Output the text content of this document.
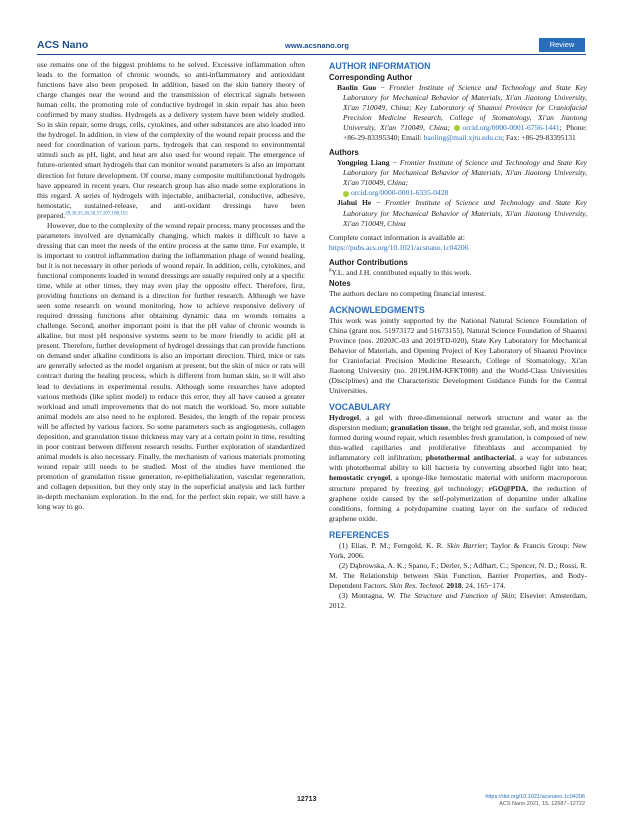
ACS Nano	www.acsnano.org	Review

use remains one of the biggest problems to be solved. Excessive inflammation often leads to the formation of chronic wounds, so anti-inflammatory and antioxidant functions have also been proposed. In addition, based on the skin battery theory of charge changes near the wound and the transmission of electrical signals between human cells, the promoting role of conductive hydrogel in skin repair has also been confirmed by many studies. Hydrogels as a delivery system have been widely studied. So in skin repair, some drugs, cells, cytokines, and other substances are also loaded into the hydrogel. In addition, in view of the complexity of the wound repair process and the need for coordination of various parts, hydrogels that can respond to environmental stimuli such as pH, light, and heat are also used for wound repair. The emergence of future-oriented smart hydrogels that can monitor wound parameters is also an important direction for future development. Of course, many composite multifunctional hydrogels have appeared in recent years. Our research group has also made some explorations in this regard. A series of hydrogels with injectable, antibacterial, conductive, adhesive, hemostatic, sustained-release, and anti-oxidant dressings have been prepared.$^{29,30,35,36,50,57,107,108,155}$

However, due to the complexity of the wound repair process, many processes and the parameters involved are dynamically changing, which makes it difficult to have a dressing that can meet the needs of the entire process at the same time. For example, it is important to control inflammation during the inflammation phage of wound healing, but it is not necessary in other periods of wound repair. In addition, cells, cytokines, and functional components loaded in wound dressings are usually required only at a specific time, while at other times, they may even play the opposite effect. Therefore, first, providing functions on demand is a direction for further research. Although we have seen some research on wound monitoring, how to achieve responsive delivery of required dressing functions after obtaining dynamic data on wounds remains a challenge. Second, another important point is that the pH value of chronic wounds is alkaline, but most pH responsive systems seem to be more friendly to acidic pH at present. Therefore, further development of hydrogel dressings that can provide functions on demand under alkaline conditions is also an important direction. Third, mice or rats are generally selected as the model organism at present, but the skin of mice or rats will contract during the healing process, which is different from human skin, so it will also lead to deviations in experimental results. Although some researches have adopted various methods (like splint model) to reduce this error, they all have caused a greater workload and small improvements that do not match the workload. So, more suitable animal models are also need to be explored. Besides, the length of the repair process will be affected by various factors. So some parameters such as angiogenesis, collagen deposition, and granulation tissue thickness may vary at a certain point in time, resulting in poor contrast between different research results. Further exploration of standardized animal models is also necessary. Finally, the mechanism of various materials promoting wound repair still needs to be studied. Most of the studies have mentioned the promotion of granulation tissue generation, re-epithelialization, vascular regeneration, and collagen deposition, but they only stay in the superficial analysis and lack further in-depth mechanism exploration. In the end, for the perfect skin repair, we still have a long way to go.

AUTHOR INFORMATION

Corresponding Author

Baolin Guo − Frontier Institute of Science and Technology and State Key Laboratory for Mechanical Behavior of Materials, Xi'an Jiaotong University, Xi'an 710049, China; Key Laboratory of Shaanxi Province for Craniofacial Precision Medicine Research, College of Stomatology, Xi'an Jiaotong University, Xi'an 710049, China; orcid.org/0000-0001-6756-1441; Phone: +86-29-83395340; Email: baoling@mail.xjtu.edu.cn; Fax: +86-29-83395131

Authors

Yongping Liang − Frontier Institute of Science and Technology and State Key Laboratory for Mechanical Behavior of Materials, Xi'an Jiaotong University, Xi'an 710049, China;
orcid.org/0000-0001-6335-0428

Jiahui He − Frontier Institute of Science and Technology and State Key Laboratory for Mechanical Behavior of Materials, Xi'an Jiaotong University, Xi'an 710049, China

Complete contact information is available at:
https://pubs.acs.org/10.1021/acsnano.1c04206

Author Contributions

#Y.L. and J.H. contributed equally to this work.

Notes

The authors declare no competing financial interest.

ACKNOWLEDGMENTS

This work was jointly supported by the National Natural Science Foundation of China (grant nos. 51973172 and 51673155), Natural Science Foundation of Shaanxi Province (nos. 2020JC-03 and 2019TD-020), State Key Laboratory for Mechanical Behavior of Materials, and Opening Project of Key Laboratory of Shaanxi Province for Craniofacial Precision Medicine Research, College of Stomatology, Xi'an Jiaotong University (no. 2019LHM-KFKT008) and the World-Class Universities (Disciplines) and the Characteristic Development Guidance Funds for the Central Universities.

VOCABULARY

Hydrogel, a gel with three-dimensional network structure and water as the dispersion medium; granulation tissue, the bright red granular, soft, and moist tissue formed during wound repair, which resembles fresh granulation, is composed of new thin-walled capillaries and proliferative fibroblasts and accompanied by inflammatory cell infiltration; photothermal antibacterial, a way for substances with photothermal ability to kill bacteria by converting absorbed light into heat; hemostatic cryogel, a sponge-like hemostatic material with uniform macroporous structure prepared by freezing gel technology; rGO@PDA, the reduction of graphene oxide caused by the self-polymerization of dopamine under alkaline conditions, forming a polydopamine coating layer on the surface of reduced graphene oxide.

REFERENCES

(1) Elias, P. M.; Ferngold, K. R. Skin Barrier; Taylor & Francis Group: New York, 2006.

(2) Dąbrowska, A. K.; Spano, F.; Derler, S.; Adlhart, C.; Spencer, N. D.; Rossi, R. M. The Relationship between Skin Function, Barrier Properties, and Body-Dependent Factors. Skin Res. Technol. 2018, 24, 165−174.

(3) Montagna, W. The Structure and Function of Skin; Elsevier: Amsterdam, 2012.

12713	https://doi.org/10.1021/acsnano.1c04206
ACS Nano 2021, 15, 12687−12722
